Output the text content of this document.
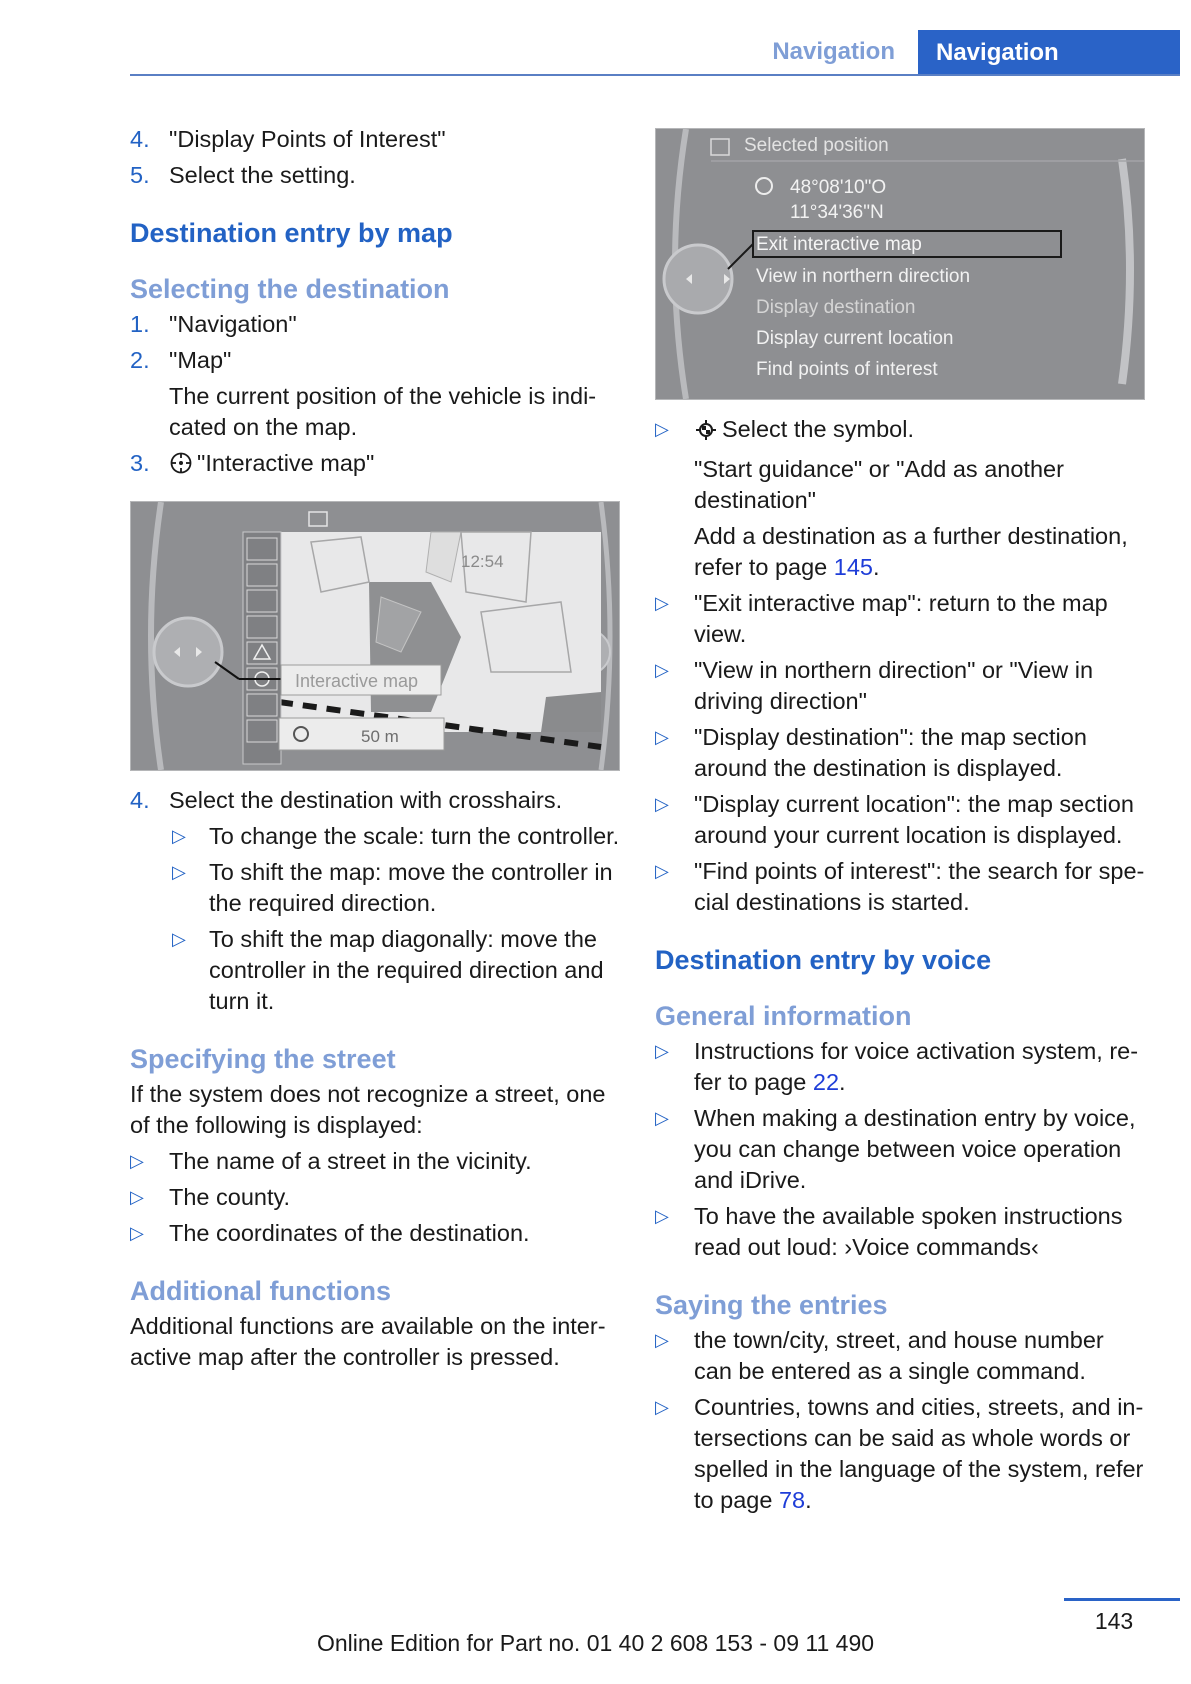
Navigation	Navigation
4. "Display Points of Interest"
5. Select the setting.
Destination entry by map
Selecting the destination
1. "Navigation"
2. "Map"
The current position of the vehicle is indi-cated on the map.
3. "Interactive map"
12:54
Interactive map
50 m
4. Select the destination with crosshairs.
▷ To change the scale: turn the controller.
▷ To shift the map: move the controller in the required direction.
▷ To shift the map diagonally: move the controller in the required direction and turn it.
Specifying the street
If the system does not recognize a street, one of the following is displayed:
▷ The name of a street in the vicinity.
▷ The county.
▷ The coordinates of the destination.
Additional functions
Additional functions are available on the inter-active map after the controller is pressed.
Selected position
48°08'10"O
11°34'36"N
Exit interactive map
View in northern direction
Display destination
Display current location
Find points of interest
▷ Select the symbol.
"Start guidance" or "Add as another destination"
Add a destination as a further destination, refer to page 145.
▷ "Exit interactive map": return to the map view.
▷ "View in northern direction" or "View in driving direction"
▷ "Display destination": the map section around the destination is displayed.
▷ "Display current location": the map section around your current location is displayed.
▷ "Find points of interest": the search for spe-cial destinations is started.
Destination entry by voice
General information
▷ Instructions for voice activation system, re-fer to page 22.
▷ When making a destination entry by voice, you can change between voice operation and iDrive.
▷ To have the available spoken instructions read out loud: ›Voice commands‹
Saying the entries
▷ the town/city, street, and house number can be entered as a single command.
▷ Countries, towns and cities, streets, and in-tersections can be said as whole words or spelled in the language of the system, refer to page 78.
143
Online Edition for Part no. 01 40 2 608 153 - 09 11 490
